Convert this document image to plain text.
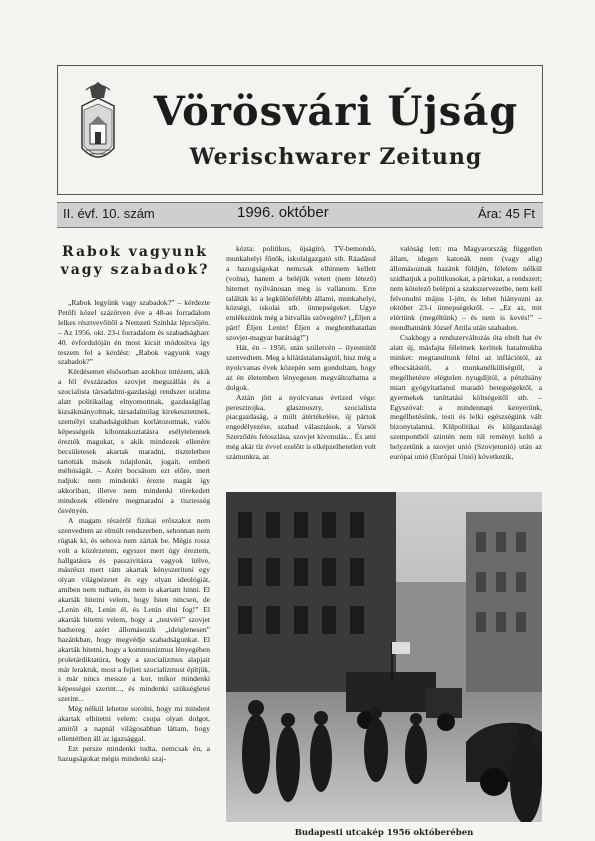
Vörösvári Újság
Werischwarer Zeitung
II. évf. 10. szám	1996. október	Ára: 45 Ft
Rabok vagyunk vagy szabadok?

„Rabok legyünk vagy szabadok?” – kérdezte Petőfi közel százötven éve a 48-as forradalom lelkes résztvevőitől a Nemzeti Színház lépcsőjén. – Az 1956. okt. 23-i forradalom és szabadságharc 40. évfordulóján én most kicsit módosítva így teszem fel a kérdést: „Rabok vagyunk vagy szabadok?”

Kérdésemet elsősorban azokhoz intézem, akik a fél évszázados szovjet megszállás és a szocialista társadalmi-gazdasági rendszer uralma alatt politikailag elnyomottnak, gazdaságilag kizsákmányoltnak, társadalmilag kirekesztettnek, személyi szabadságukban korlátozottnak, valós képességeik kibontakoztatásra esélytelennek érezték magukat, s akik mindezek ellenére becsületesek akartak maradni, tiszteletben tartották mások tulajdonát, jogait, emberi méltóságát. – Azért bocsátom ezt előre, mert tudjuk: nem mindenki érezte magát így akkoriban, illetve nem mindenki törekedett mindezek ellenére megmaradni a tisztesség ösvényén.

A magam részéről fizikai erőszakot nem szenvedtem az elmúlt rendszerben, sehonnan nem rúgtak ki, és sehova nem zártak be. Mégis rossz volt a közérzetem, egyszer mert úgy éreztem, hallgatásra és passzivitásra vagyok ítélve, másrészt mert rám akartak kényszeríteni egy olyan világnézetet és egy olyan ideológiát, amiben nem tudtam, és nem is akartam hinni. El akarták hitetni velem, hogy Isten nincsen, de „Lenin élt, Lenin él, és Lenin élni fog!” El akarták hitetni velem, hogy a „testvéri” szovjet hadsereg azért állomásozik „ideiglenesen” hazánkban, hogy megvédje szabadságunkat. El akarták hitetni, hogy a kommunizmus lényegében proletárdiktatúra, hogy a szocializmus alapjait már leraktuk, most a fejlett szocializmust építjük, s már nincs messze a kor, mikor mindenki képességei szerint..., és mindenki szükségletei szerint...

Még nélkül lehetne sorolni, hogy mi mindent akartak elhitetni velem: csupa olyan dolgot, amiről a napnál világosabban láttam, hogy ellentétben áll az igazsággal.

Ezt persze mindenki tudta, nemcsak én, a hazugságokat mégis mindenki szaj-

kózta: politikus, újságíró, TV-bemondó, munkahelyi főnök, iskolaigazgató stb. Ráadásul a hazugságokat nemcsak elhinnem kellett (volna), hanem a beléjük vetett (nem létező) hitemet nyilvánosan meg is vallanom. Erre találták ki a legkülönfélébb állami, munkahelyi, községi, iskolai stb. ünnepségeket. Ugye emlékszünk még a hitvallás szövegére? („Éljen a párt! Éljen Lenin! Éljen a megbonthatatlan szovjet-magyar barátság!”)

Hát, én – 1956. után születvén – ilyesmitől szenvedtem. Meg a kilátástalanságtól, hisz még a nyolcvanas évek közepén sem gondoltam, hogy az én életemben lényegesen megváltozhatna a dolgok.

Aztán jött a nyolcvanas évtized vége: peresztrojka, glasznoszty, szocialista piacgazdaság, a múlt átértékelése, új pártok engedélyezése, szabad választások, a Varsói Szerződés feloszlása, szovjet kivonulás... És ami még akár tíz évvel ezelőtt is elképzelhetetlen volt számunkra, az

valóság lett: ma Magyarország független állam, idegen katonák nem (vagy alig) állomásoznak hazánk földjén, félelem nélkül szidhatjuk a politikusokat, a pártokat, a rendszert; nem kötelező belépni a szakszervezetbe, nem kell felvonulni május 1-jén, és lehet hiányozni az október 23-i ünnepségekről. – „Ez az, mit elértünk (megéltünk) – és nem is kevés!” – mondhatnánk József Attila után szabadon.

Csakhogy a rendszerváltozás óta eltelt hat év alatt új, másfajta félelmek keríttek hatalmukba minket: megtanultunk félni az inflációtól, az elbocsátástól, a munkanélküliségtől, a megélhetésre elégtelen nyugdíjtól, a pénzhiány miatt gyógyítatlanul maradó betegségektől, a gyermekek taníttatási költségeitől stb. – Egyszóval: a mindennapi kenyerünk, megélhetésünk, testi és lelki egészségünk vált bizonytalanná. Külpolitikai és külgazdasági szempontból szintén nem túl reményt keltő a helyzetünk a szovjet unió (Szovjetunió) után az európai unió (Európai Unió) következik,

Budapesti utcakép 1956 októberében
